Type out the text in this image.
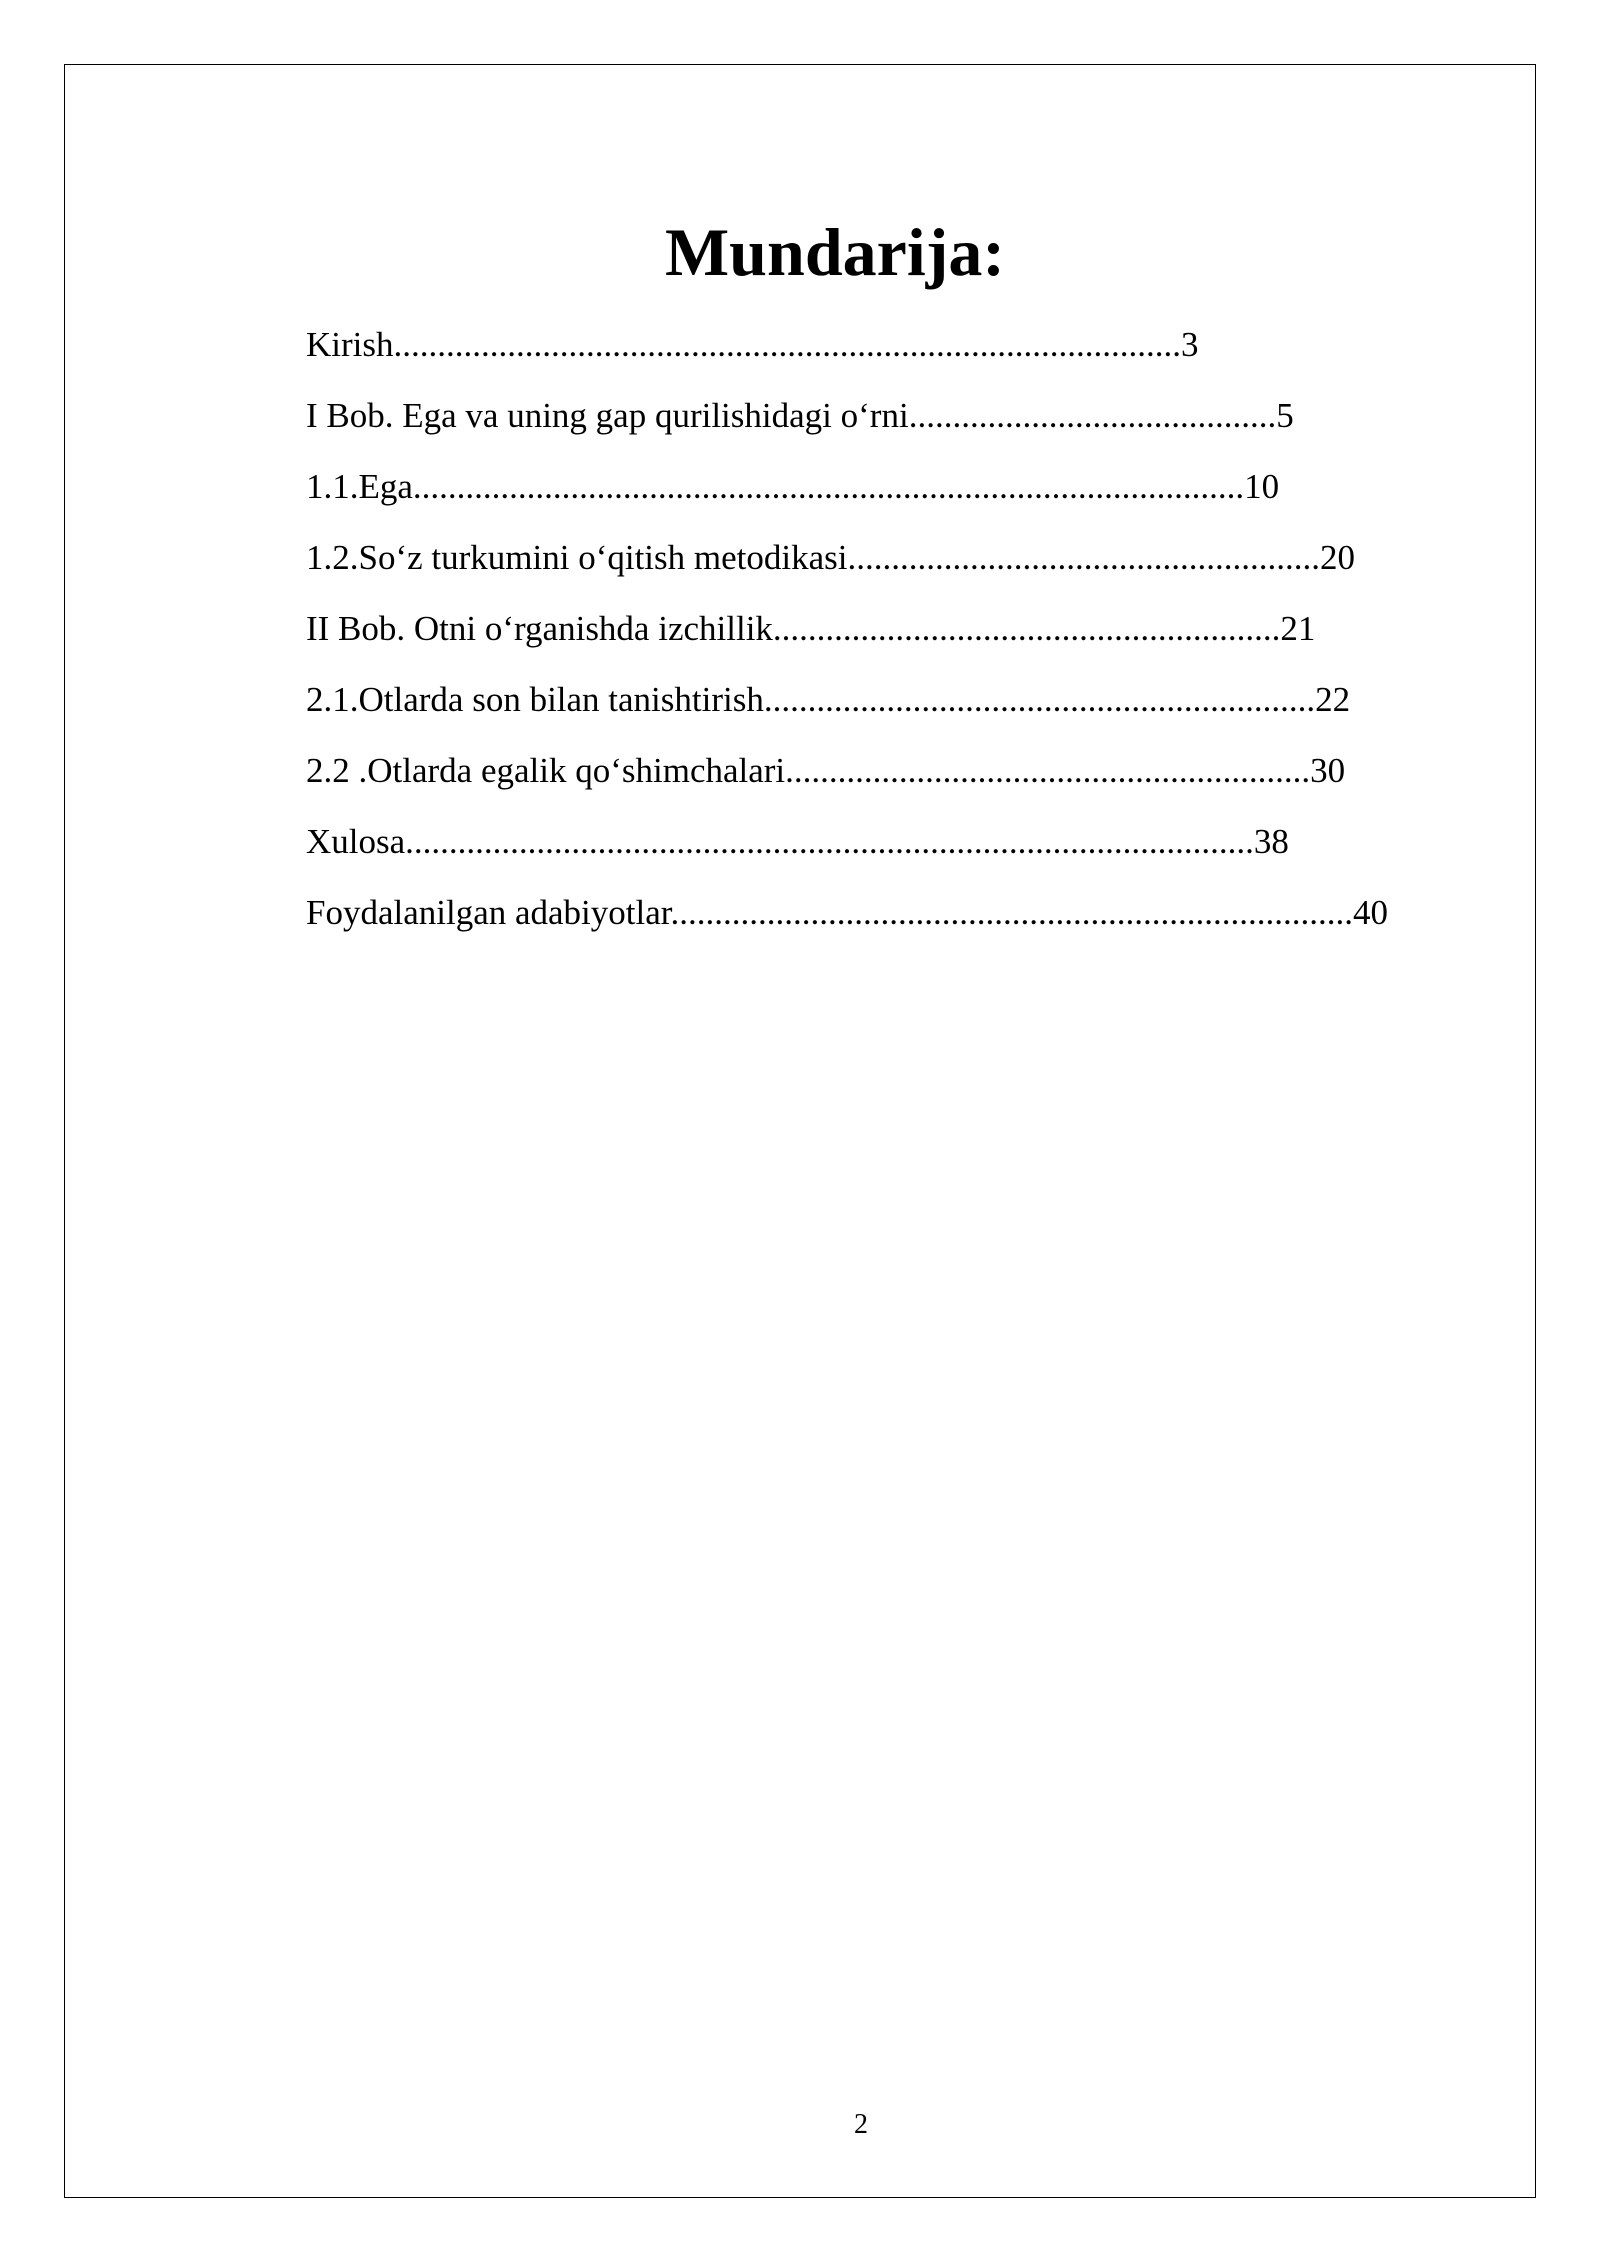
Mundarija:
Kirish..........................................................................................3
I Bob. Ega va uning gap qurilishidagi o‘rni..........................................5
1.1.Ega...............................................................................................10
1.2.So‘z turkumini o‘qitish metodikasi......................................................20
II Bob. Otni o‘rganishda izchillik..........................................................21
2.1.Otlarda son bilan tanishtirish...............................................................22
2.2 .Otlarda egalik qo‘shimchalari............................................................30
Xulosa.................................................................................................38
Foydalanilgan adabiyotlar..............................................................................40
2
